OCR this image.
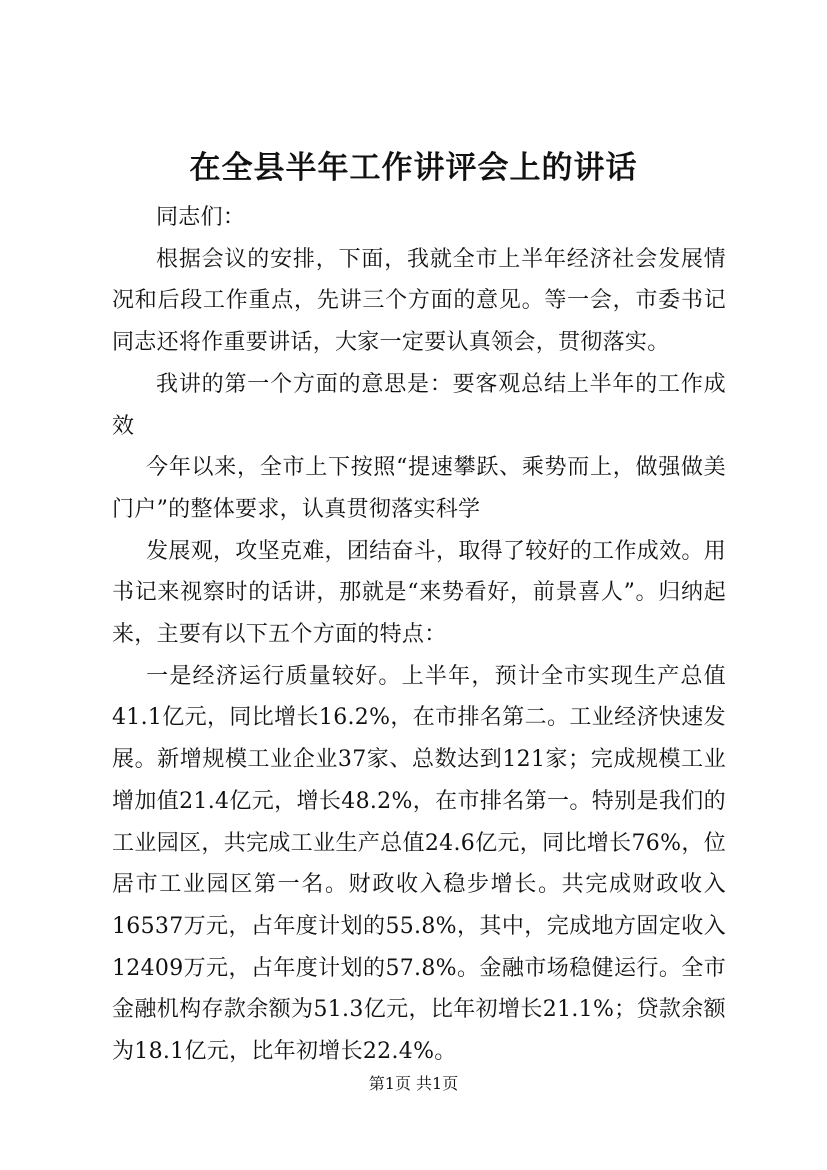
在全县半年工作讲评会上的讲话

同志们：

根据会议的安排，下面，我就全市上半年经济社会发展情况和后段工作重点，先讲三个方面的意见。等一会，市委书记同志还将作重要讲话，大家一定要认真领会，贯彻落实。

我讲的第一个方面的意思是：要客观总结上半年的工作成效

今年以来，全市上下按照“提速攀跃、乘势而上，做强做美门户”的整体要求，认真贯彻落实科学

发展观，攻坚克难，团结奋斗，取得了较好的工作成效。用书记来视察时的话讲，那就是“来势看好，前景喜人”。归纳起来，主要有以下五个方面的特点：

一是经济运行质量较好。上半年，预计全市实现生产总值41.1亿元，同比增长16.2%，在市排名第二。工业经济快速发展。新增规模工业企业37家、总数达到121家；完成规模工业增加值21.4亿元，增长48.2%，在市排名第一。特别是我们的工业园区，共完成工业生产总值24.6亿元，同比增长76%，位居市工业园区第一名。财政收入稳步增长。共完成财政收入16537万元，占年度计划的55.8%，其中，完成地方固定收入12409万元，占年度计划的57.8%。金融市场稳健运行。全市金融机构存款余额为51.3亿元，比年初增长21.1%；贷款余额为18.1亿元，比年初增长22.4%。

第1页 共1页
